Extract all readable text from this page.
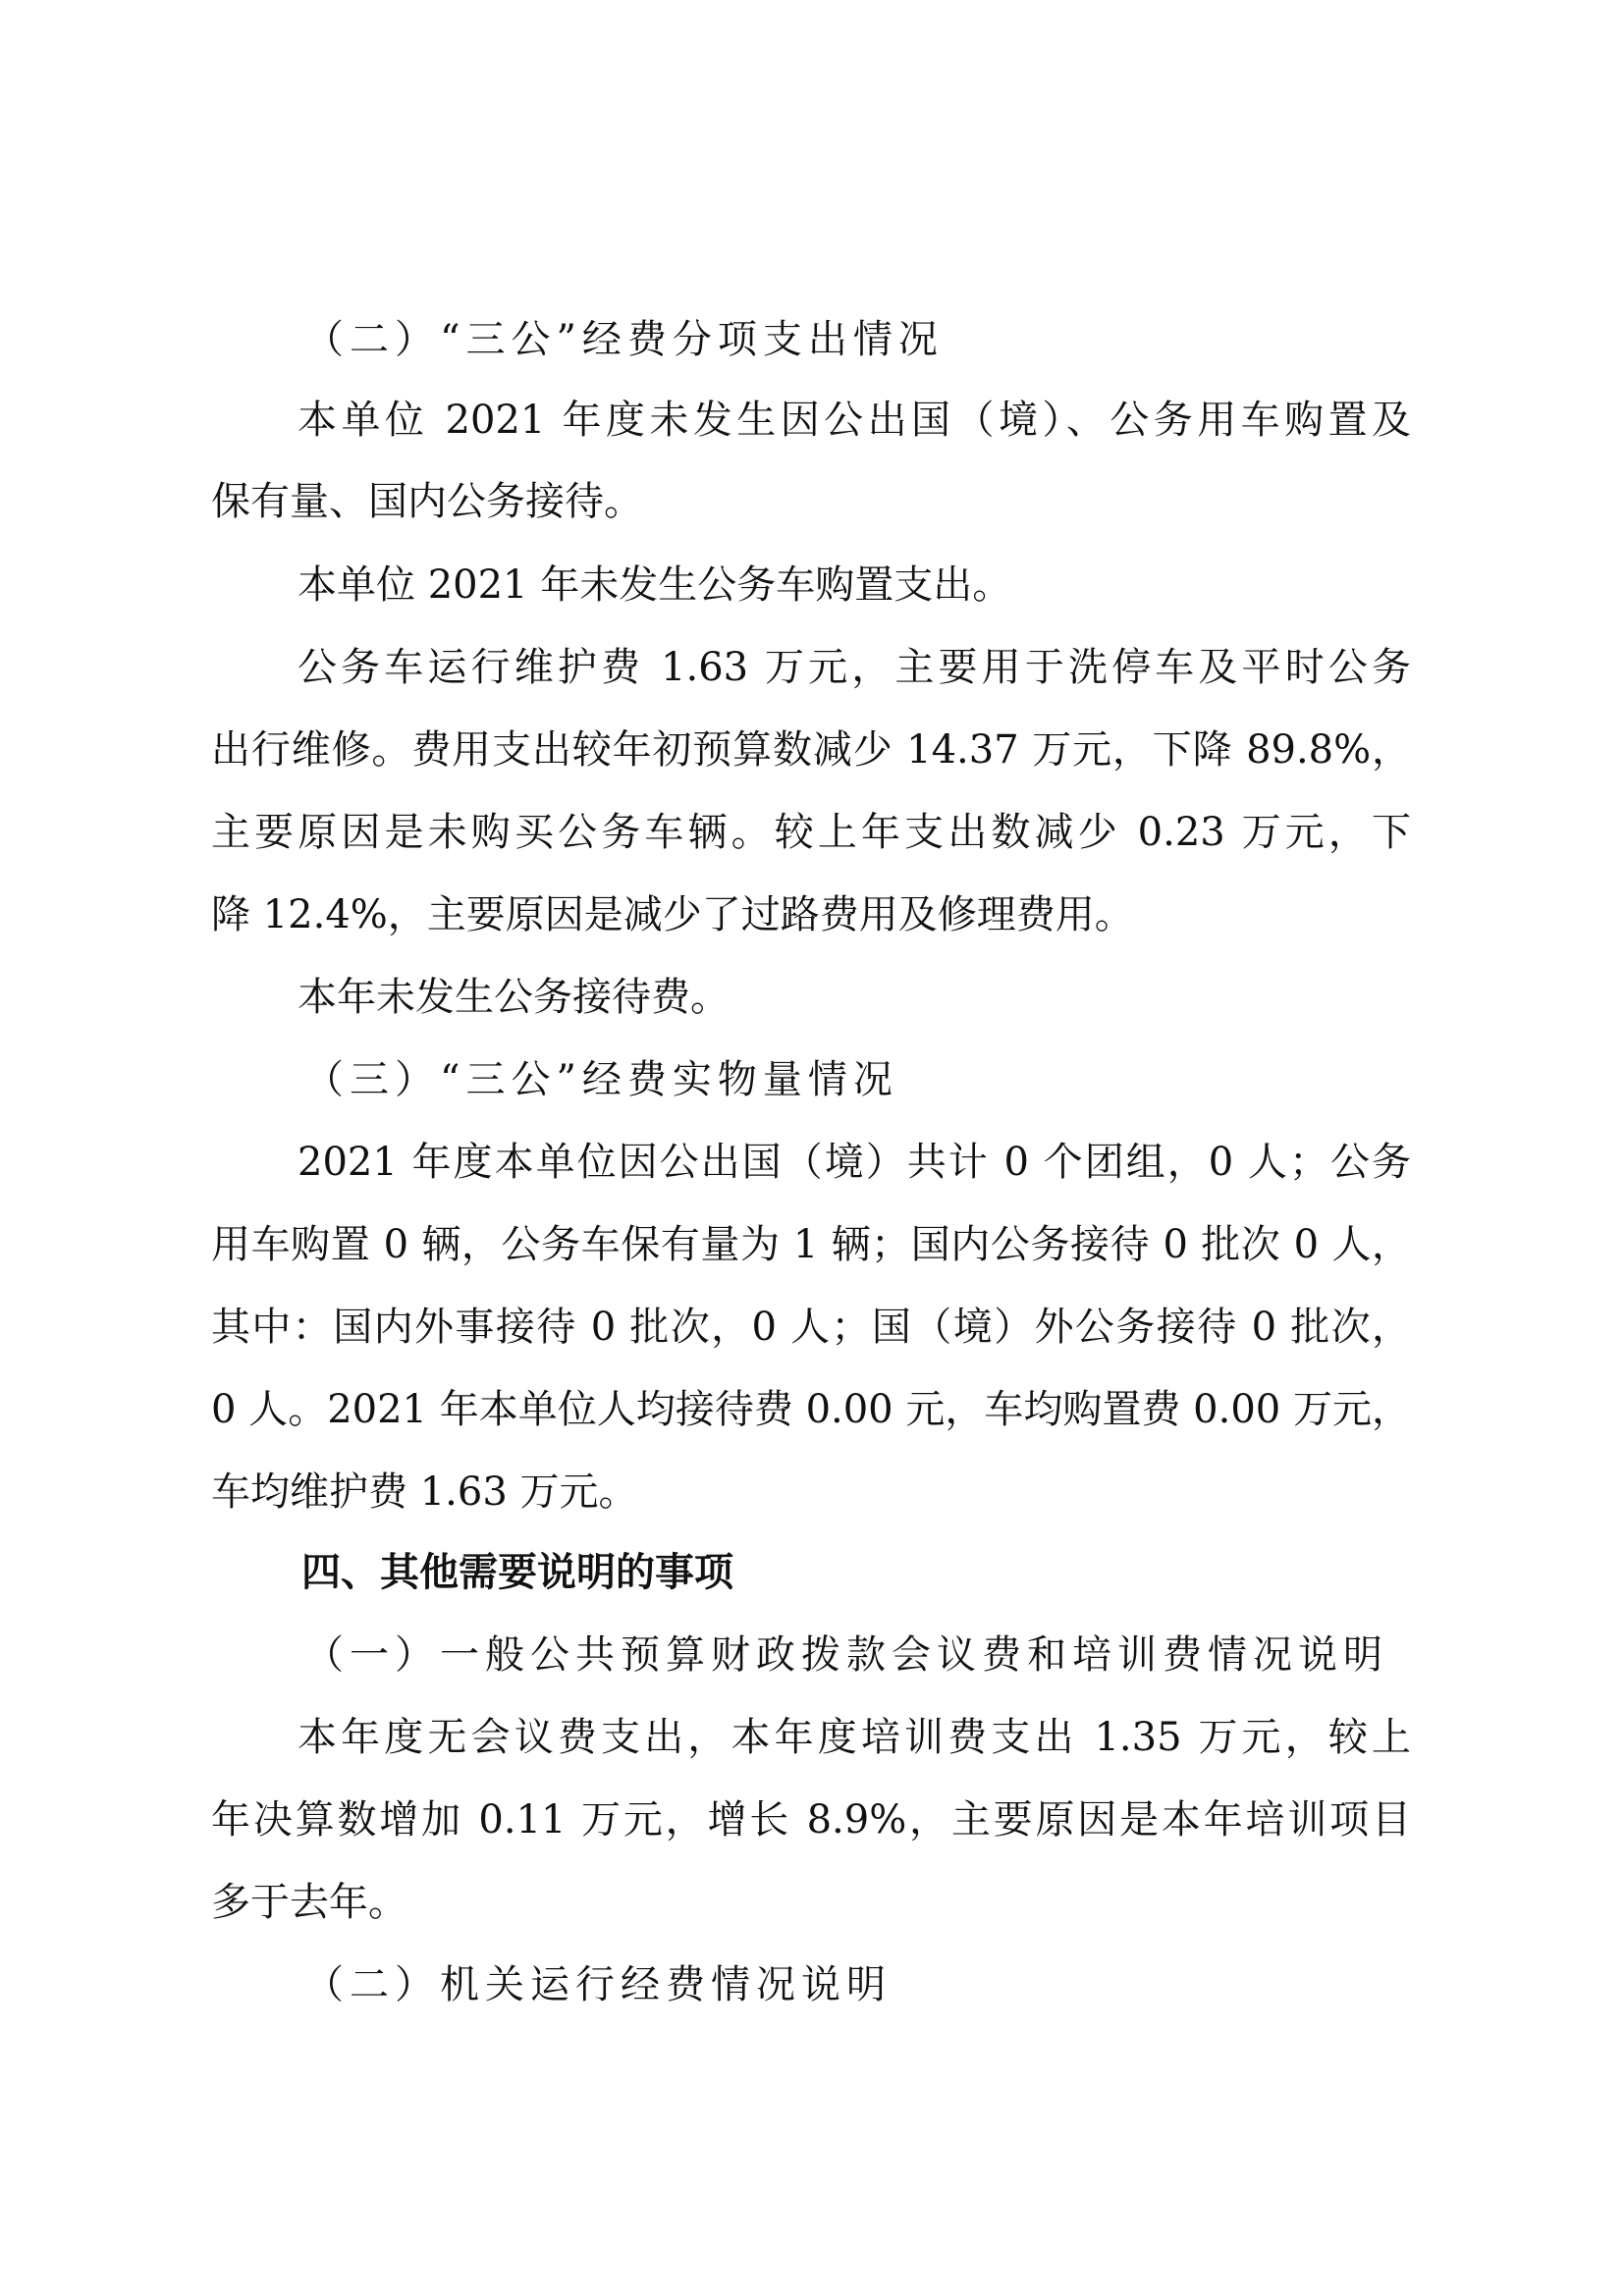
（二）“三公”经费分项支出情况
本单位 2021 年度未发生因公出国（境）、公务用车购置及
保有量、国内公务接待。
本单位 2021 年未发生公务车购置支出。
公务车运行维护费 1.63 万元，主要用于洗停车及平时公务
出行维修。费用支出较年初预算数减少 14.37 万元，下降 89.8%，
主要原因是未购买公务车辆。较上年支出数减少 0.23 万元，下
降 12.4%，主要原因是减少了过路费用及修理费用。
本年未发生公务接待费。
（三）“三公”经费实物量情况
2021 年度本单位因公出国（境）共计 0 个团组，0 人；公务
用车购置 0 辆，公务车保有量为 1 辆；国内公务接待 0 批次 0 人，
其中：国内外事接待 0 批次，0 人；国（境）外公务接待 0 批次，
0 人。2021 年本单位人均接待费 0.00 元，车均购置费 0.00 万元，
车均维护费 1.63 万元。
四、其他需要说明的事项
（一）一般公共预算财政拨款会议费和培训费情况说明
本年度无会议费支出，本年度培训费支出 1.35 万元，较上
年决算数增加 0.11 万元，增长 8.9%，主要原因是本年培训项目
多于去年。
（二）机关运行经费情况说明
